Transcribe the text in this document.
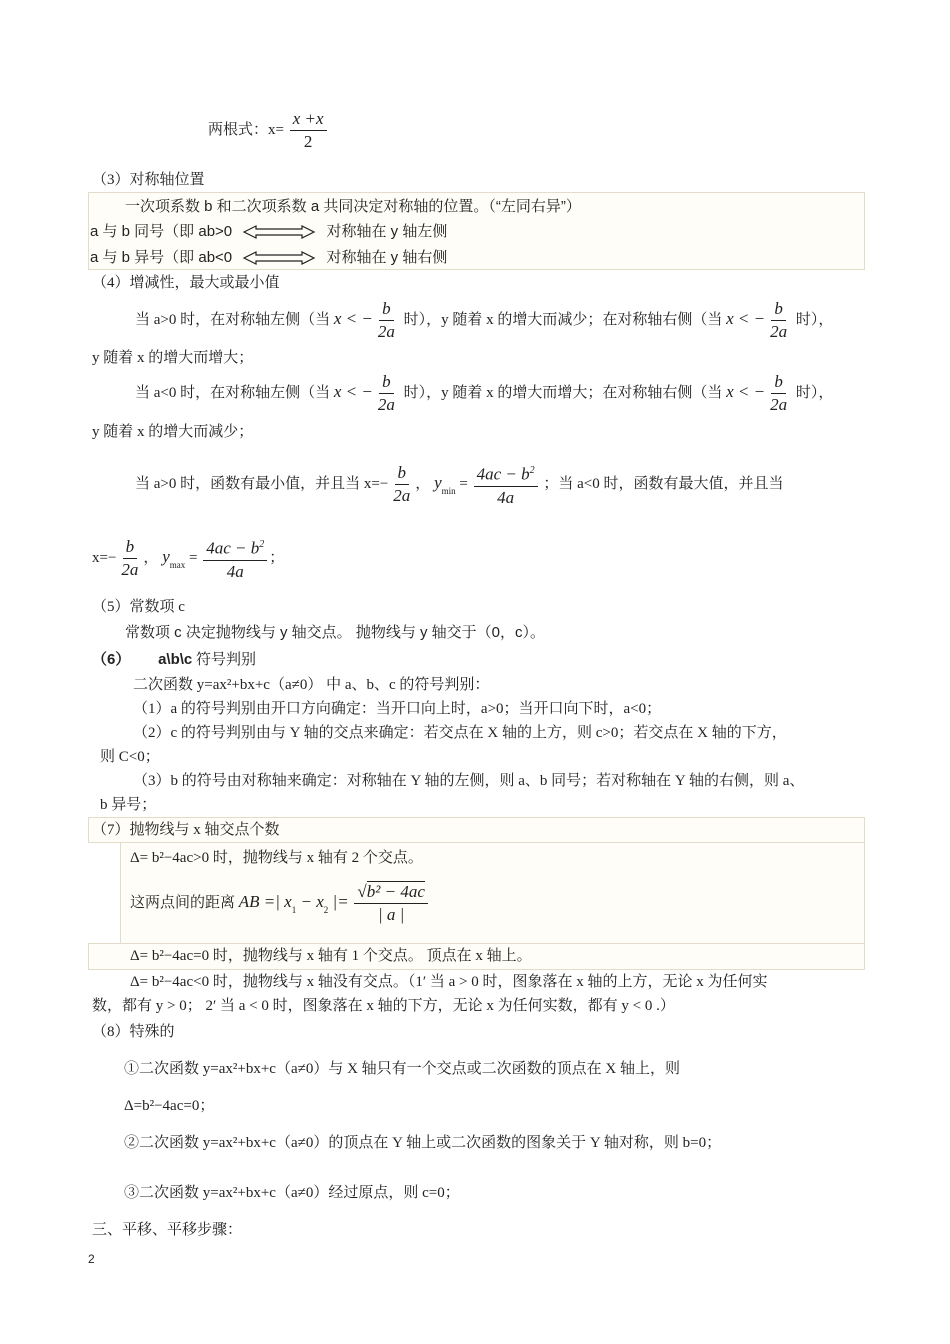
两根式：$x= \frac{x +x}{2}$
（3）对称轴位置
一次项系数 b 和二次项系数 a 共同决定对称轴的位置。（“左同右异”）
a 与 b 同号（即 ab>0	对称轴在 y 轴左侧
a 与 b 异号（即 ab<0	对称轴在 y 轴右侧
（4）增减性，最大或最小值
当 a>0 时，在对称轴左侧（当 x < − $\frac{b}{2a}$ 时），y 随着 x 的增大而减少；在对称轴右侧（当 x < − $\frac{b}{2a}$ 时），
y 随着 x 的增大而增大；
当 a<0 时，在对称轴左侧（当 x < − $\frac{b}{2a}$ 时），y 随着 x 的增大而增大；在对称轴右侧（当 x < − $\frac{b}{2a}$ 时），
y 随着 x 的增大而减少；
当 a>0 时，函数有最小值，并且当 $x=- \frac{b}{2a}$ ， $y_{min} = \frac{4ac - b^2}{4a}$ ；当 a<0 时，函数有最大值，并且当
$x=- \frac{b}{2a}$ ， $y_{max} = \frac{4ac - b^2}{4a}$ ；
（5）常数项 c
常数项 c 决定抛物线与 y 轴交点。 抛物线与 y 轴交于（0，c）。
（6） a\b\c 符号判别
二次函数 y=ax²+bx+c（a≠0） 中 a、b、c 的符号判别：
（1）a 的符号判别由开口方向确定：当开口向上时，a>0；当开口向下时，a<0；
（2）c 的符号判别由与 Y 轴的交点来确定：若交点在 X 轴的上方，则 c>0；若交点在 X 轴的下方，
则 C<0；
（3）b 的符号由对称轴来确定：对称轴在 Y 轴的左侧，则 a、b 同号；若对称轴在 Y 轴的右侧，则 a、
b 异号；
（7）抛物线与 x 轴交点个数
Δ= b²−4ac>0 时，抛物线与 x 轴有 2 个交点。
这两点间的距离 AB =| $x_1 - x_2$ |= $\frac{\text{√b² − 4ac}}{| a |}$
Δ= b²−4ac=0 时，抛物线与 x 轴有 1 个交点。 顶点在 x 轴上。
Δ= b²−4ac<0 时，抛物线与 x 轴没有交点。（1′ 当 a > 0 时，图象落在 x 轴的上方，无论 x 为任何实
数，都有 y > 0； 2′ 当 a < 0 时，图象落在 x 轴的下方，无论 x 为任何实数，都有 y < 0 .）
（8）特殊的
①二次函数 y=ax²+bx+c（a≠0）与 X 轴只有一个交点或二次函数的顶点在 X 轴上，则
Δ=b²−4ac=0；
②二次函数 y=ax²+bx+c（a≠0）的顶点在 Y 轴上或二次函数的图象关于 Y 轴对称，则 b=0；
③二次函数 y=ax²+bx+c（a≠0）经过原点，则 c=0；
三、平移、平移步骤：
2
